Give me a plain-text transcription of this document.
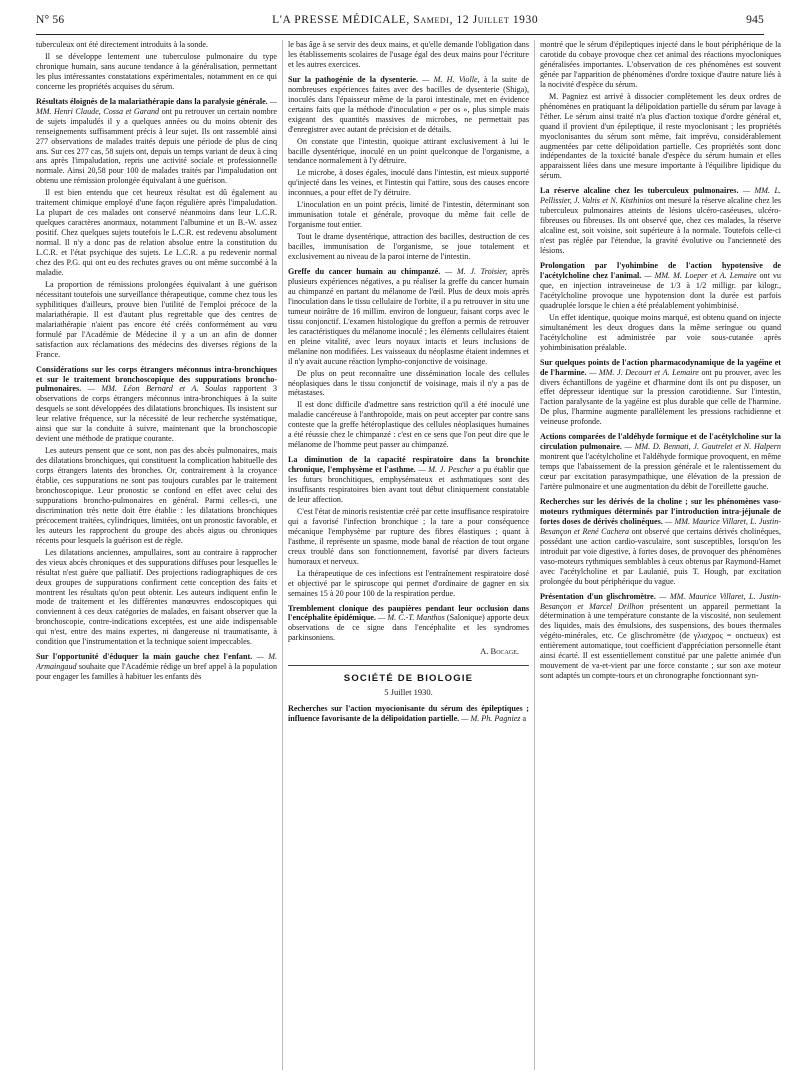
N° 56	L'A PRESSE MÉDICALE, Samedi, 12 Juillet 1930	945

tuberculeux ont été directement introduits à la sonde.

Il se développe lentement une tuberculose pulmonaire du type chronique humain, sans aucune tendance à la généralisation, permettant les plus intéressantes constatations expérimentales, notamment en ce qui concerne les propriétés acquises du sérum.

Résultats éloignés de la malariathérapie dans la paralysie générale. — MM. Henri Claude, Cossa et Garand ont pu retrouver un certain nombre de sujets impaludés il y a quelques années ou du moins obtenir des renseignements suffisamment précis à leur sujet. Ils ont rassemblé ainsi 277 observations de malades traités depuis une période de plus de cinq ans. Sur ces 277 cas, 58 sujets ont, depuis un temps variant de deux à cinq ans après l'impaludation, repris une activité sociale et professionnelle normale. Ainsi 20,58 pour 100 de malades traités par l'impaludation ont obtenu une rémission prolongée équivalant à une guérison.

Il est bien entendu que cet heureux résultat est dû également au traitement chimique employé d'une façon régulière après l'impaludation. La plupart de ces malades ont conservé néanmoins dans leur L.C.R. quelques caractères anormaux, notamment l'albumine et un B.-W. assez positif. Chez quelques sujets toutefois le L.C.R. est redevenu absolument normal. Il n'y a donc pas de relation absolue entre la constitution du L.C.R. et l'état psychique des sujets. Le L.C.R. a pu redevenir normal chez des P.G. qui ont eu des rechutes graves ou ont même succombé à la maladie.

La proportion de rémissions prolongées équivalant à une guérison nécessitant toutefois une surveillance thérapeutique, comme chez tous les syphilitiques d'ailleurs, prouve bien l'utilité de l'emploi précoce de la malariathérapie. Il est d'autant plus regrettable que des centres de malariathérapie n'aient pas encore été créés conformément au vœu formulé par l'Académie de Médecine il y a un an afin de donner satisfaction aux réclamations des médecins des diverses régions de la France.

Considérations sur les corps étrangers méconnus intra-bronchiques et sur le traitement bronchoscopique des suppurations broncho-pulmonaires. — MM. Léon Bernard et A. Soulas rapportent 3 observations de corps étrangers méconnus intra-bronchiques à la suite desquels se sont développées des dilatations bronchiques. Ils insistent sur leur relative fréquence, sur la nécessité de leur recherche systématique, ainsi que sur la conduite à suivre, maintenant que la bronchoscopie devient une méthode de pratique courante.

Les auteurs pensent que ce sont, non pas des abcès pulmonaires, mais des dilatations bronchiques, qui constituent la complication habituelle des corps étrangers latents des bronches. Or, contrairement à la croyance établie, ces suppurations ne sont pas toujours curables par le traitement bronchoscopique. Leur pronostic se confond en effet avec celui des suppurations broncho-pulmonaires en général. Parmi celles-ci, une discrimination très nette doit être établie : les dilatations bronchiques précocement traitées, cylindriques, limitées, ont un pronostic favorable, et les auteurs les rapprochent du groupe des abcès aigus ou chroniques récents pour lesquels la guérison est de règle.

Les dilatations anciennes, ampullaires, sont au contraire à rapprocher des vieux abcès chroniques et des suppurations diffuses pour lesquelles le résultat n'est guère que palliatif. Des projections radiographiques de ces deux groupes de suppurations confirment cette conception des faits et montrent les résultats qu'on peut obtenir. Les auteurs indiquent enfin le mode de traitement et les différentes manœuvres endoscopiques qui conviennent à ces deux catégories de malades, en faisant observer que la bronchoscopie, contre-indications exceptées, est une aide indispensable qui n'est, entre des mains expertes, ni dangereuse ni traumatisante, à condition que l'instrumentation et la technique soient impeccables.

Sur l'opportunité d'éduquer la main gauche chez l'enfant. — M. Armaingaud souhaite que l'Académie rédige un bref appel à la population pour engager les familles à habituer les enfants dès

le bas âge à se servir des deux mains, et qu'elle demande l'obligation dans les établissements scolaires de l'usage égal des deux mains pour l'écriture et les autres exercices.

Sur la pathogénie de la dysenterie. — M. H. Violle, à la suite de nombreuses expériences faites avec des bacilles de dysenterie (Shiga), inoculés dans l'épaisseur même de la paroi intestinale, met en évidence certains faits que la méthode d'inoculation « per os », plus simple mais exigeant des quantités massives de microbes, ne permettait pas d'enregistrer avec autant de précision et de détails.

On constate que l'intestin, quoique attirant exclusivement à lui le bacille dysentérique, inoculé en un point quelconque de l'organisme, a tendance normalement à l'y détruire.

Le microbe, à doses égales, inoculé dans l'intestin, est mieux supporté qu'injecté dans les veines, et l'intestin qui l'attire, sous des causes encore inconnues, a pour effet de l'y détruire.

L'inoculation en un point précis, limité de l'intestin, déterminant son immunisation totale et générale, provoque du même fait celle de l'organisme tout entier.

Tout le drame dysentérique, attraction des bacilles, destruction de ces bacilles, immunisation de l'organisme, se joue totalement et exclusivement au niveau de la paroi interne de l'intestin.

Greffe du cancer humain au chimpanzé. — M. J. Troisier, après plusieurs expériences négatives, a pu réaliser la greffe du cancer humain au chimpanzé en partant du mélanome de l'œil. Plus de deux mois après l'inoculation dans le tissu cellulaire de l'orbite, il a pu retrouver in situ une tumeur noirâtre de 16 millim. environ de longueur, faisant corps avec le tissu conjonctif. L'examen histologique du greffon a permis de retrouver les caractéristiques du mélanome inoculé ; les éléments cellulaires étaient en pleine vitalité, avec leurs noyaux intacts et leurs inclusions de mélanine non modifiées. Les vaisseaux du néoplasme étaient indemnes et il n'y avait aucune réaction lympho-conjonctive de voisinage.

De plus on peut reconnaître une dissémination locale des cellules néoplasiques dans le tissu conjonctif de voisinage, mais il n'y a pas de métastases.

Il est donc difficile d'admettre sans restriction qu'il a été inoculé une maladie cancéreuse à l'anthropoïde, mais on peut accepter par contre sans conteste que la greffe hétéroplastique des cellules néoplasiques humaines a été réussie chez le chimpanzé : c'est en ce sens que l'on peut dire que le mélanome de l'homme peut passer au chimpanzé.

La diminution de la capacité respiratoire dans la bronchite chronique, l'emphysème et l'asthme. — M. J. Pescher a pu établir que les futurs bronchitiques, emphysémateux et asthmatiques sont des insuffisants respiratoires bien avant tout début cliniquement constatable de leur affection.

C'est l'état de minoris resistentiæ créé par cette insuffisance respiratoire qui a favorisé l'infection bronchique ; la tare a pour conséquence mécanique l'emphysème par rupture des fibres élastiques ; quant à l'asthme, il représente un spasme, mode banal de réaction de tout organe creux troublé dans son fonctionnement, favorisé par divers facteurs humoraux et nerveux.

La thérapeutique de ces infections est l'entraînement respiratoire dosé et objectivé par le spiroscope qui permet d'ordinaire de gagner en six semaines 15 à 20 pour 100 de la respiration perdue.

Tremblement clonique des paupières pendant leur occlusion dans l'encéphalite épidémique. — M. C.-T. Manthos (Salonique) apporte deux observations de ce signe dans l'encéphalite et les syndromes parkinsoniens.

A. Bocage.
SOCIÉTÉ DE BIOLOGIE
5 Juillet 1930.

Recherches sur l'action myocionisante du sérum des épileptiques ; influence favorisante de la délipoïdation partielle. — M. Ph. Pagniez a

montré que le sérum d'épileptiques injecté dans le bout périphérique de la carotide du cobaye provoque chez cet animal des réactions myocloniques généralisées importantes. L'observation de ces phénomènes est souvent gênée par l'apparition de phénomènes d'ordre toxique d'autre nature liés à la nocivité d'espèce du sérum.

M. Pagniez est arrivé à dissocier complètement les deux ordres de phénomènes en pratiquant la délipoïdation partielle du sérum par lavage à l'éther. Le sérum ainsi traité n'a plus d'action toxique d'ordre général et, quand il provient d'un épileptique, il reste myoclonisant ; les propriétés myoclonisantes du sérum sont même, fait imprévu, considérablement augmentées par cette délipoïdation partielle. Ces propriétés sont donc indépendantes de la toxicité banale d'espèce du sérum humain et elles apparaissent liées dans une mesure importante à l'équilibre lipidique du sérum.

La réserve alcaline chez les tuberculeux pulmonaires. — MM. L. Pellissier, J. Valtis et N. Kisthinios ont mesuré la réserve alcaline chez les tuberculeux pulmonaires atteints de lésions ulcéro-caséeuses, ulcéro-fibreuses ou fibreuses. Ils ont observé que, chez ces malades, la réserve alcaline est, soit voisine, soit supérieure à la normale. Toutefois celle-ci n'est pas réglée par l'étendue, la gravité évolutive ou l'ancienneté des lésions.

Prolongation par l'yohimbine de l'action hypotensive de l'acétylcholine chez l'animal. — MM. M. Loeper et A. Lemaire ont vu que, en injection intraveineuse de 1/3 à 1/2 milligr. par kilogr., l'acétylcholine provoque une hypotension dont la durée est parfois quadruplée lorsque le chien a été préalablement yohimbinisé.

Un effet identique, quoique moins marqué, est obtenu quand on injecte simultanément les deux drogues dans la même seringue ou quand l'acétylcholine est administrée par voie sous-cutanée après yohimbinisation préalable.

Sur quelques points de l'action pharmacodynamique de la yagéine et de l'harmine. — MM. J. Decourt et A. Lemaire ont pu prouver, avec les divers échantillons de yagéine et d'harmine dont ils ont pu disposer, un effet dépresseur identique sur la pression carotidienne. Sur l'intestin, l'action paralysante de la yagéine est plus durable que celle de l'harmine. De plus, l'harmine augmente parallèlement les pressions rachidienne et veineuse profonde.

Actions comparées de l'aldéhyde formique et de l'acétylcholine sur la circulation pulmonaire. — MM. D. Bennati, J. Gautrelet et N. Halpern montrent que l'acétylcholine et l'aldéhyde formique provoquent, en même temps que l'abaissement de la pression générale et le ralentissement du cœur par excitation parasympathique, une élévation de la pression de l'artère pulmonaire et une augmentation du débit de l'oreillette gauche.

Recherches sur les dérivés de la choline ; sur les phénomènes vaso-moteurs rythmiques déterminés par l'introduction intra-jéjunale de fortes doses de dérivés cholinéques. — MM. Maurice Villaret, L. Justin-Besançon et René Cachera ont observé que certains dérivés cholinéques, possédant une action cardio-vasculaire, sont susceptibles, lorsqu'on les introduit par voie digestive, à fortes doses, de provoquer des phénomènes vaso-moteurs rythmiques semblables à ceux obtenus par Raymond-Hamet avec l'acétylcholine et par Laulanié, puis T. Hough, par excitation prolongée du bout périphérique du vague.

Présentation d'un glischromètre. — MM. Maurice Villaret, L. Justin-Besançon et Marcel Drilhon présentent un appareil permettant la détermination à une température constante de la viscosité, non seulement des liquides, mais des émulsions, des suspensions, des boues thermales végéto-minérales, etc. Ce glischromètre (de γλισχρος = onctueux) est entièrement automatique, tout coefficient d'appréciation personnelle étant ainsi écarté. Il est essentiellement constitué par une palette animée d'un mouvement de va-et-vient par une force constante ; sur son axe moteur sont adaptés un compte-tours et un chronographe fonctionnant syn-
